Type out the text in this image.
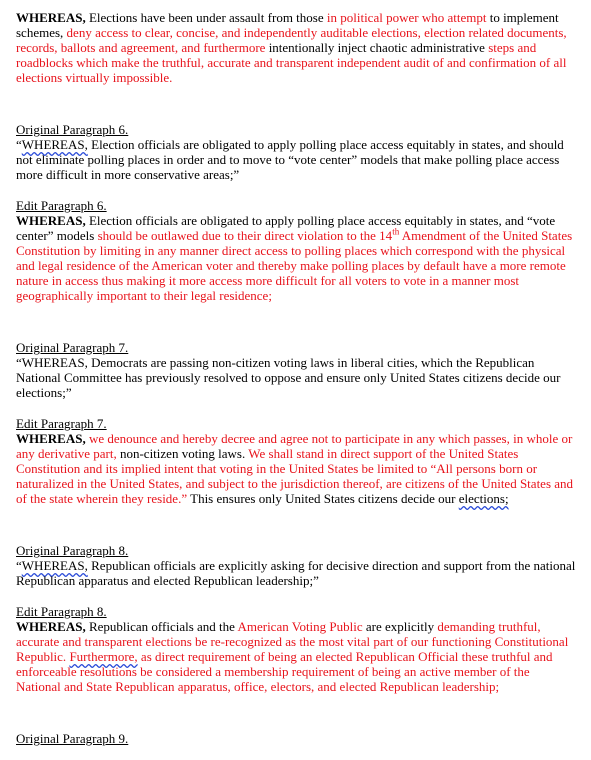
WHEREAS, Elections have been under assault from those in political power who attempt to implement schemes, deny access to clear, concise, and independently auditable elections, election related documents, records, ballots and agreement, and furthermore intentionally inject chaotic administrative steps and roadblocks which make the truthful, accurate and transparent independent audit of and confirmation of all elections virtually impossible.

Original Paragraph 6.

“WHEREAS, Election officials are obligated to apply polling place access equitably in states, and should not eliminate polling places in order and to move to “vote center” models that make polling place access more difficult in more conservative areas;”

Edit Paragraph 6.

WHEREAS, Election officials are obligated to apply polling place access equitably in states, and “vote center” models should be outlawed due to their direct violation to the 14th Amendment of the United States Constitution by limiting in any manner direct access to polling places which correspond with the physical and legal residence of the American voter and thereby make polling places by default have a more remote nature in access thus making it more access more difficult for all voters to vote in a manner most geographically important to their legal residence;

Original Paragraph 7.

“WHEREAS, Democrats are passing non-citizen voting laws in liberal cities, which the Republican National Committee has previously resolved to oppose and ensure only United States citizens decide our elections;”

Edit Paragraph 7.

WHEREAS, we denounce and hereby decree and agree not to participate in any which passes, in whole or any derivative part, non-citizen voting laws. We shall stand in direct support of the United States Constitution and its implied intent that voting in the United States be limited to “All persons born or naturalized in the United States, and subject to the jurisdiction thereof, are citizens of the United States and of the state wherein they reside.” This ensures only United States citizens decide our elections;

Original Paragraph 8.

“WHEREAS, Republican officials are explicitly asking for decisive direction and support from the national Republican apparatus and elected Republican leadership;”

Edit Paragraph 8.

WHEREAS, Republican officials and the American Voting Public are explicitly demanding truthful, accurate and transparent elections be re-recognized as the most vital part of our functioning Constitutional Republic. Furthermore, as direct requirement of being an elected Republican Official these truthful and enforceable resolutions be considered a membership requirement of being an active member of the National and State Republican apparatus, office, electors, and elected Republican leadership;

Original Paragraph 9.
